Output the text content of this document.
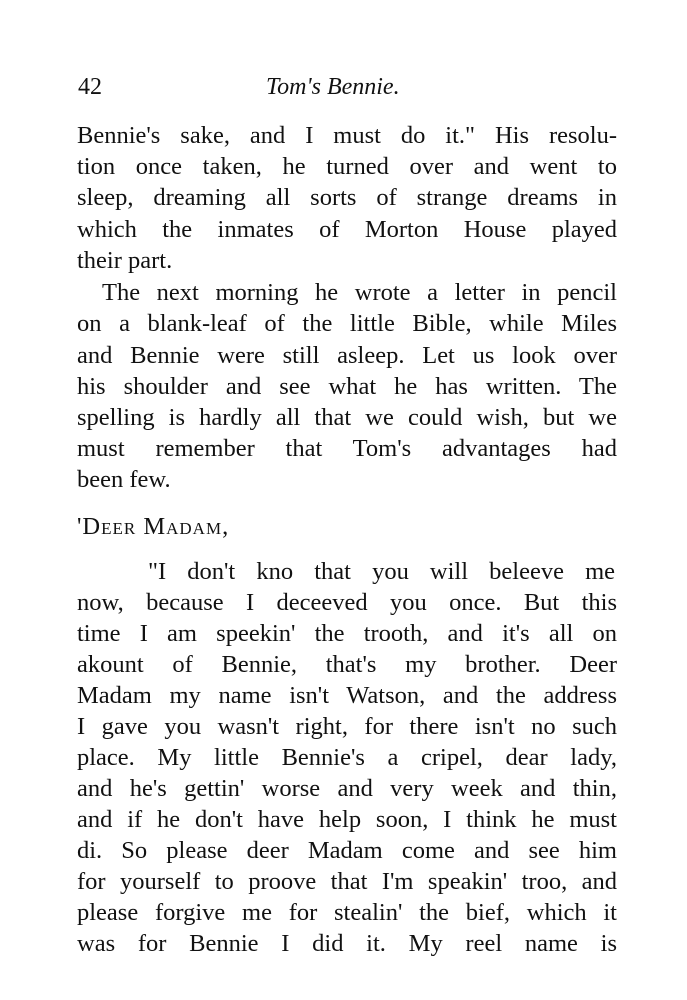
42	Tom's Bennie.
Bennie's sake, and I must do it." His resolu-
tion once taken, he turned over and went to
sleep, dreaming all sorts of strange dreams in
which the inmates of Morton House played
their part.
The next morning he wrote a letter in pencil
on a blank-leaf of the little Bible, while Miles
and Bennie were still asleep. Let us look over
his shoulder and see what he has written. The
spelling is hardly all that we could wish, but we
must remember that Tom's advantages had
been few.
'Deer Madam,
"I don't kno that you will beleeve me
now, because I deceeved you once. But this
time I am speekin' the trooth, and it's all on
akount of Bennie, that's my brother. Deer
Madam my name isn't Watson, and the address
I gave you wasn't right, for there isn't no such
place. My little Bennie's a cripel, dear lady,
and he's gettin' worse and very week and thin,
and if he don't have help soon, I think he must
di. So please deer Madam come and see him
for yourself to proove that I'm speakin' troo, and
please forgive me for stealin' the bief, which it
was for Bennie I did it. My reel name is
